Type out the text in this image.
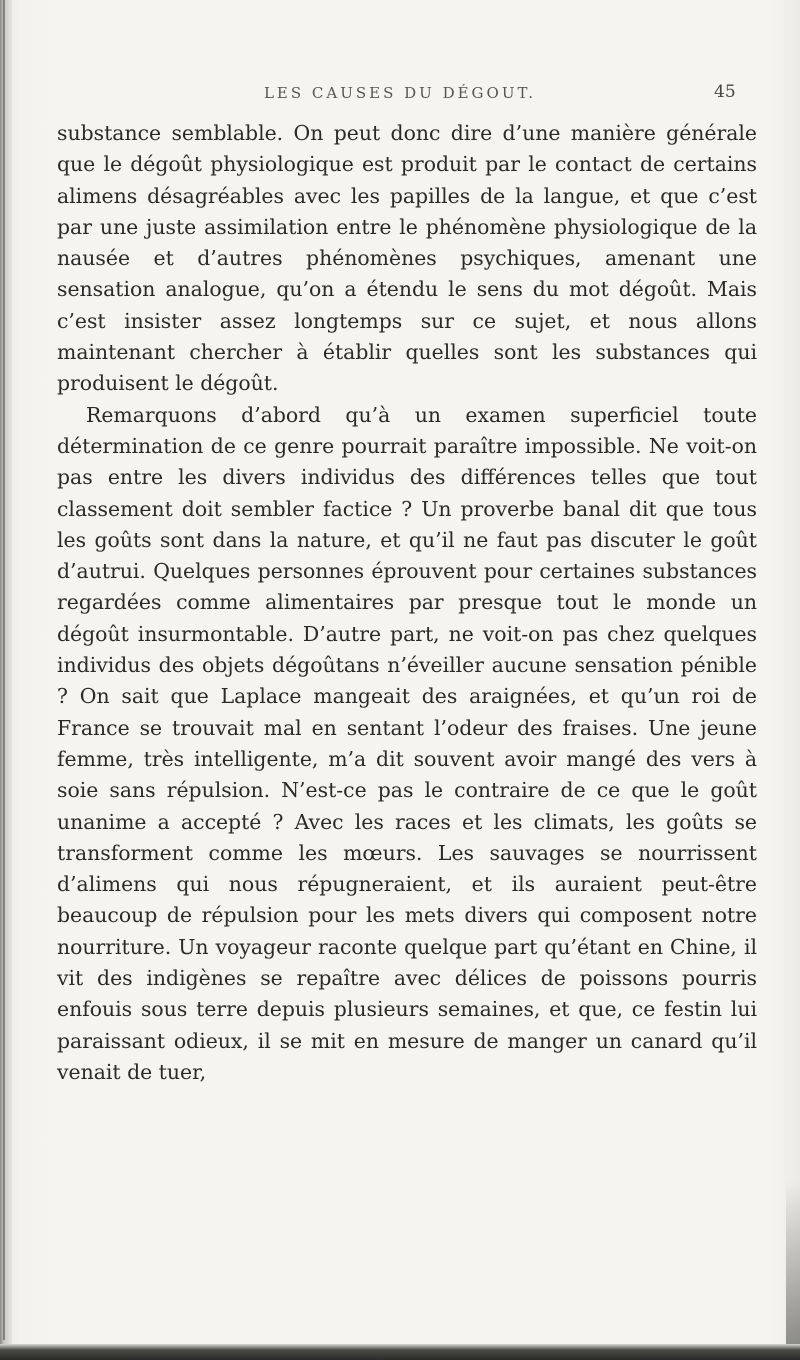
LES CAUSES DU DÉGOUT.	45

substance semblable. On peut donc dire d’une manière générale que le dégoût physiologique est produit par le contact de certains alimens désagréables avec les papilles de la langue, et que c’est par une juste assimilation entre le phénomène physiologique de la nausée et d’autres phénomènes psychiques, amenant une sensation analogue, qu’on a étendu le sens du mot dégoût. Mais c’est insister assez longtemps sur ce sujet, et nous allons maintenant chercher à établir quelles sont les substances qui produisent le dégoût.

Remarquons d’abord qu’à un examen superficiel toute détermination de ce genre pourrait paraître impossible. Ne voit-on pas entre les divers individus des différences telles que tout classement doit sembler factice ? Un proverbe banal dit que tous les goûts sont dans la nature, et qu’il ne faut pas discuter le goût d’autrui. Quelques personnes éprouvent pour certaines substances regardées comme alimentaires par presque tout le monde un dégoût insurmontable. D’autre part, ne voit-on pas chez quelques individus des objets dégoûtans n’éveiller aucune sensation pénible ? On sait que Laplace mangeait des araignées, et qu’un roi de France se trouvait mal en sentant l’odeur des fraises. Une jeune femme, très intelligente, m’a dit souvent avoir mangé des vers à soie sans répulsion. N’est-ce pas le contraire de ce que le goût unanime a accepté ? Avec les races et les climats, les goûts se transforment comme les mœurs. Les sauvages se nourrissent d’alimens qui nous répugneraient, et ils auraient peut-être beaucoup de répulsion pour les mets divers qui composent notre nourriture. Un voyageur raconte quelque part qu’étant en Chine, il vit des indigènes se repaître avec délices de poissons pourris enfouis sous terre depuis plusieurs semaines, et que, ce festin lui paraissant odieux, il se mit en mesure de manger un canard qu’il venait de tuer,
